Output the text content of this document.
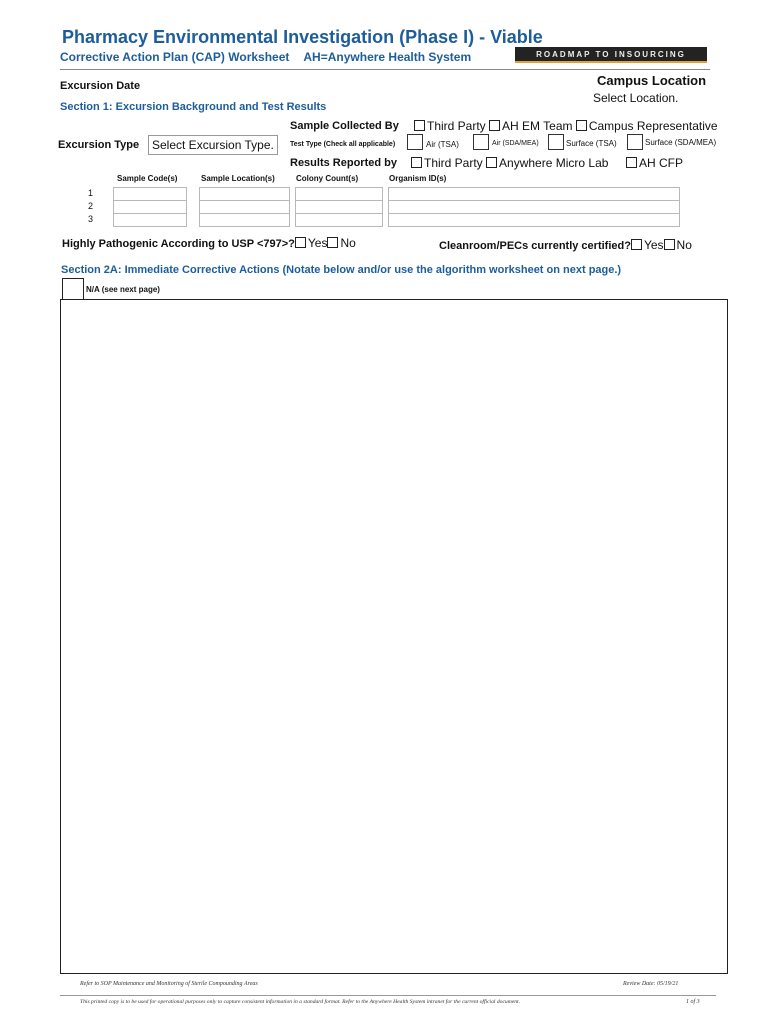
Pharmacy Environmental Investigation (Phase I) - Viable
Corrective Action Plan (CAP) Worksheet AH=Anywhere Health System	ROADMAP TO INSOURCING
Excursion Date	Campus Location
Select Location.
Section 1: Excursion Background and Test Results
Sample Collected By	Third Party AH EM Team Campus Representative
Excursion Type	Select Excursion Type.	Test Type (Check all applicable)	Air (TSA)	Air (SDA/MEA)	Surface (TSA)	Surface (SDA/MEA)
Results Reported by	Third Party Anywhere Micro Lab	AH CFP
Sample Code(s)	Sample Location(s)	Colony Count(s)	Organism ID(s)
1
2
3
Highly Pathogenic According to USP <797>? Yes No	Cleanroom/PECs currently certified? Yes No
Section 2A: Immediate Corrective Actions (Notate below and/or use the algorithm worksheet on next page.)
N/A (see next page)
Refer to SOP Maintenance and Monitoring of Sterile Compounding Areas	Review Date: 05/19/21
This printed copy is to be used for operational purposes only to capture consistent information in a standard format. Refer to the Anywhere Health System intranet for the current official document.	1 of 3
